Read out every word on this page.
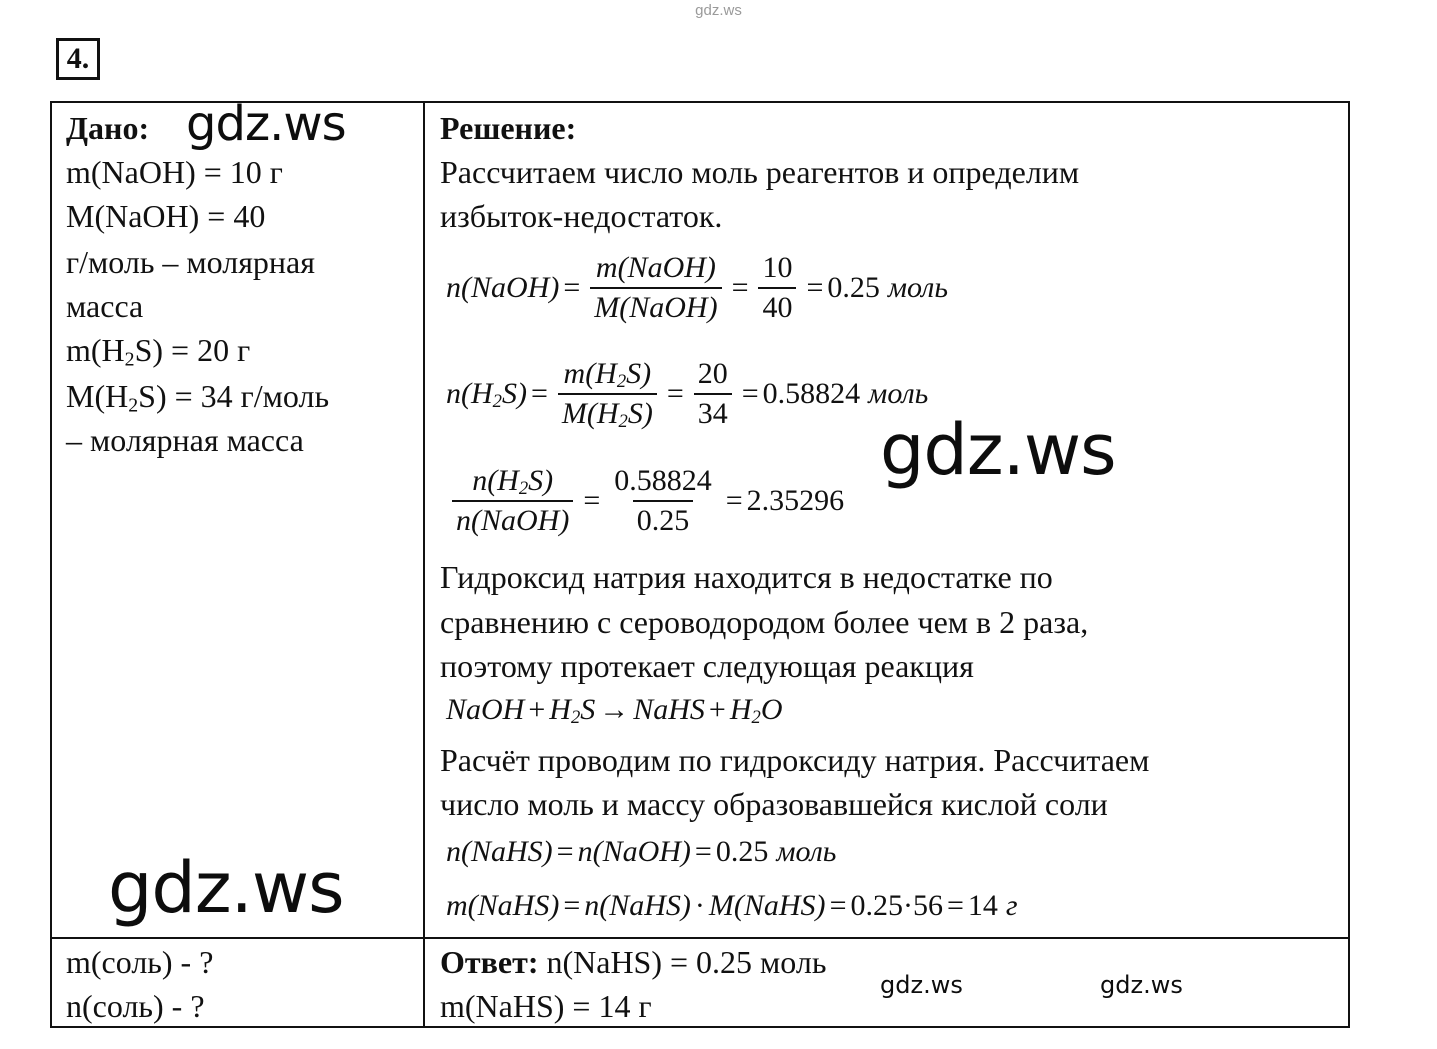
gdz.ws
4.
Дано:
m(NaOH) = 10 г
M(NaOH) = 40
г/моль – молярная
масса
$m(H_2S) = 20$ г
$M(H_2S) = 34$ г/моль
– молярная масса
m(соль) - ?
n(соль) - ?
Решение:
Рассчитаем число моль реагентов и определим
избыток-недостаток.
n(NaOH) = $\frac{\text{m(NaOH)}}{\text{M(NaOH)}} = \frac{10}{40} = 0.25$ моль
$n(H_2S) = \frac{m(H_2S)}{M(H_2S)} = \frac{20}{34} = 0.58824$ моль
$\frac{n(H_2S)}{\text{n(NaOH)}} = \frac{0.58824}{0.25} = 2.35296$
Гидроксид натрия находится в недостатке по
сравнению с сероводородом более чем в 2 раза,
поэтому протекает следующая реакция
NaOH + $H_2S$ → NaHS + $H_2O$
Расчёт проводим по гидроксиду натрия. Рассчитаем
число моль и массу образовавшейся кислой соли
n(NaHS) = n(NaOH) = 0.25 моль
m(NaHS) = n(NaHS) · M(NaHS) = 0.25·56 = 14 г
Ответ: n(NaHS) = 0.25 моль
m(NaHS) = 14 г
gdz.ws
gdz.ws
gdz.ws
gdz.ws	gdz.ws
